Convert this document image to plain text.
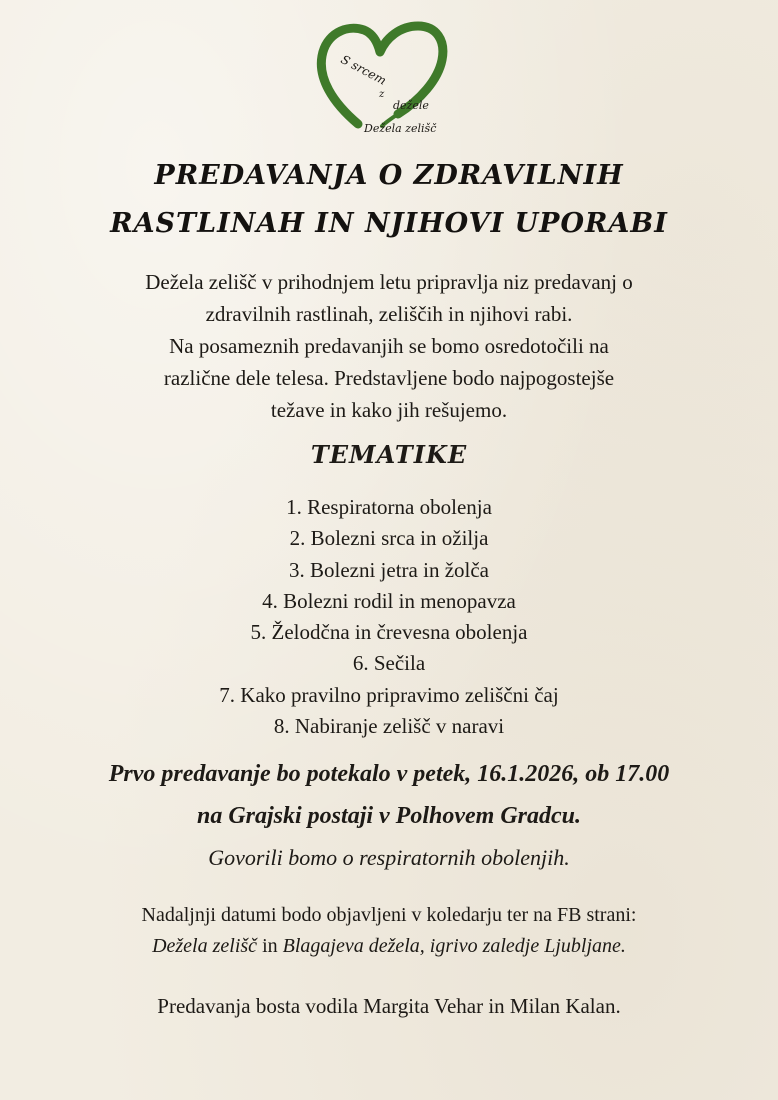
S srcem
z
dežele
Dežela zelišč
PREDAVANJA O ZDRAVILNIH
RASTLINAH IN NJIHOVI UPORABI

Dežela zelišč v prihodnjem letu pripravlja niz predavanj o
zdravilnih rastlinah, zeliščih in njihovi rabi.
Na posameznih predavanjih se bomo osredotočili na
različne dele telesa. Predstavljene bodo najpogostejše
težave in kako jih rešujemo.

TEMATIKE
1. Respiratorna obolenja
2. Bolezni srca in ožilja
3. Bolezni jetra in žolča
4. Bolezni rodil in menopavza
5. Želodčna in črevesna obolenja
6. Sečila
7. Kako pravilno pripravimo zeliščni čaj
8. Nabiranje zelišč v naravi

Prvo predavanje bo potekalo v petek, 16.1.2026, ob 17.00

na Grajski postaji v Polhovem Gradcu.

Govorili bomo o respiratornih obolenjih.

Nadaljnji datumi bodo objavljeni v koledarju ter na FB strani:
Dežela zelišč in Blagajeva dežela, igrivo zaledje Ljubljane.

Predavanja bosta vodila Margita Vehar in Milan Kalan.
